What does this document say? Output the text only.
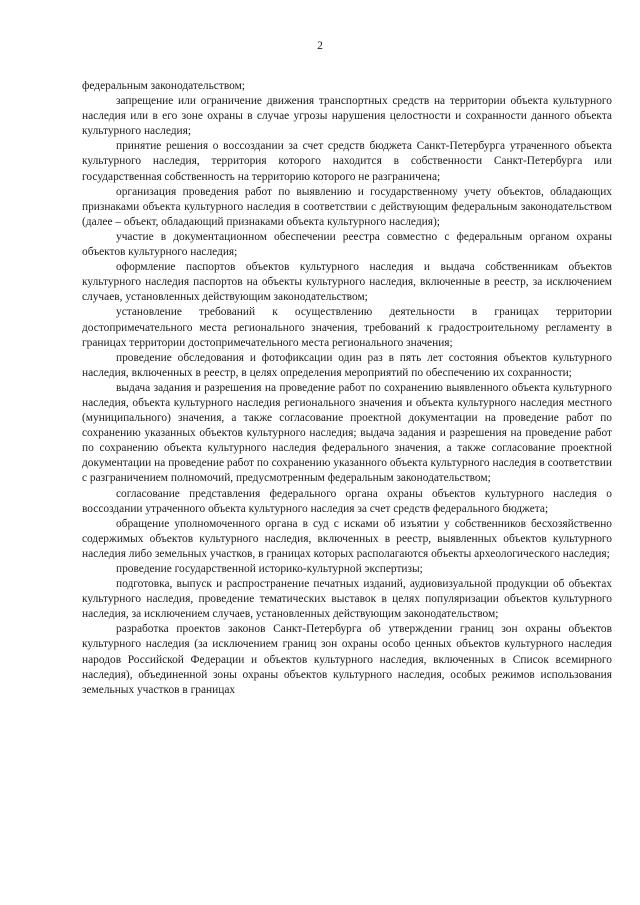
2

федеральным законодательством;

запрещение или ограничение движения транспортных средств на территории объекта культурного наследия или в его зоне охраны в случае угрозы нарушения целостности и сохранности данного объекта культурного наследия;

принятие решения о воссоздании за счет средств бюджета Санкт-Петербурга утраченного объекта культурного наследия, территория которого находится в собственности Санкт-Петербурга или государственная собственность на территорию которого не разграничена;

организация проведения работ по выявлению и государственному учету объектов, обладающих признаками объекта культурного наследия в соответствии с действующим федеральным законодательством (далее – объект, обладающий признаками объекта культурного наследия);

участие в документационном обеспечении реестра совместно с федеральным органом охраны объектов культурного наследия;

оформление паспортов объектов культурного наследия и выдача собственникам объектов культурного наследия паспортов на объекты культурного наследия, включенные в реестр, за исключением случаев, установленных действующим законодательством;

установление требований к осуществлению деятельности в границах территории достопримечательного места регионального значения, требований к градостроительному регламенту в границах территории достопримечательного места регионального значения;

проведение обследования и фотофиксации один раз в пять лет состояния объектов культурного наследия, включенных в реестр, в целях определения мероприятий по обеспечению их сохранности;

выдача задания и разрешения на проведение работ по сохранению выявленного объекта культурного наследия, объекта культурного наследия регионального значения и объекта культурного наследия местного (муниципального) значения, а также согласование проектной документации на проведение работ по сохранению указанных объектов культурного наследия; выдача задания и разрешения на проведение работ по сохранению объекта культурного наследия федерального значения, а также согласование проектной документации на проведение работ по сохранению указанного объекта культурного наследия в соответствии с разграничением полномочий, предусмотренным федеральным законодательством;

согласование представления федерального органа охраны объектов культурного наследия о воссоздании утраченного объекта культурного наследия за счет средств федерального бюджета;

обращение уполномоченного органа в суд с исками об изъятии у собственников бесхозяйственно содержимых объектов культурного наследия, включенных в реестр, выявленных объектов культурного наследия либо земельных участков, в границах которых располагаются объекты археологического наследия;

проведение государственной историко-культурной экспертизы;

подготовка, выпуск и распространение печатных изданий, аудиовизуальной продукции об объектах культурного наследия, проведение тематических выставок в целях популяризации объектов культурного наследия, за исключением случаев, установленных действующим законодательством;

разработка проектов законов Санкт-Петербурга об утверждении границ зон охраны объектов культурного наследия (за исключением границ зон охраны особо ценных объектов культурного наследия народов Российской Федерации и объектов культурного наследия, включенных в Список всемирного наследия), объединенной зоны охраны объектов культурного наследия, особых режимов использования земельных участков в границах
